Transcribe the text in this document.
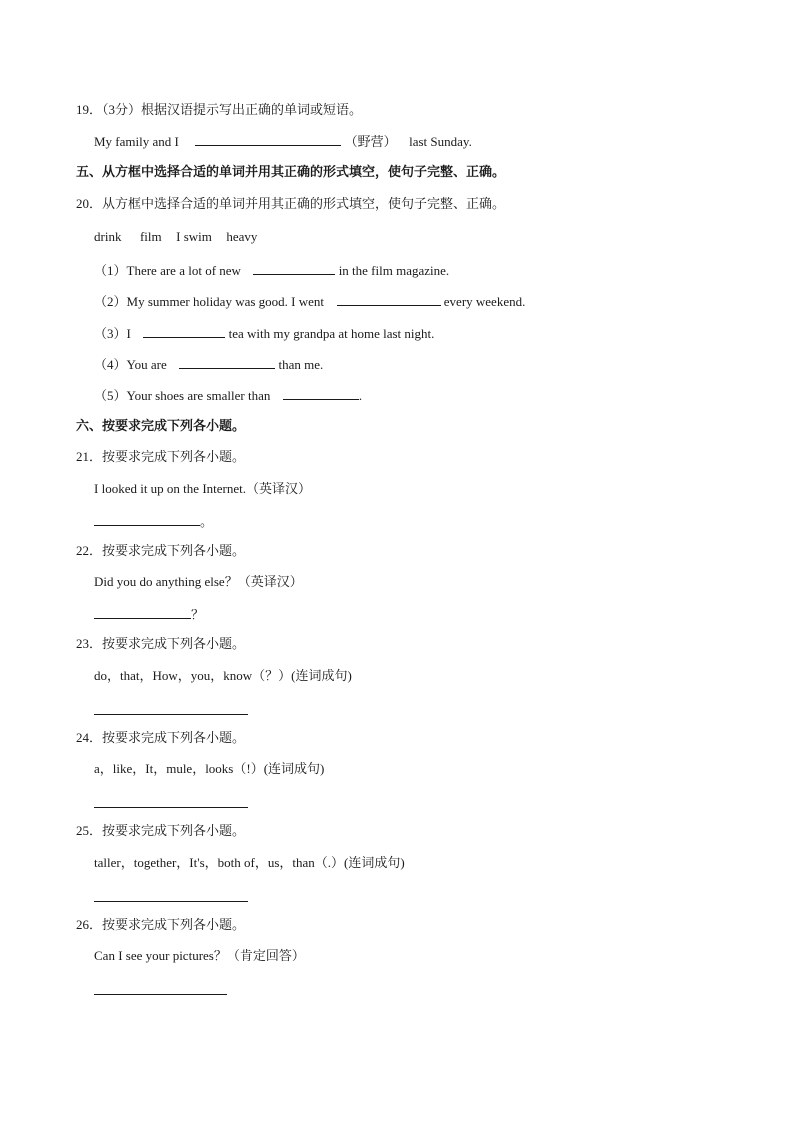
19．（3分）根据汉语提示写出正确的单词或短语。
My family and I	（野营） last Sunday.
五、从方框中选择合适的单词并用其正确的形式填空，使句子完整、正确。
20．从方框中选择合适的单词并用其正确的形式填空，使句子完整、正确。
drink film I swim heavy
（1）There are a lot of new	in the film magazine.
（2）My summer holiday was good. I went	every weekend.
（3）I	tea with my grandpa at home last night.
（4）You are	than me.
（5）Your shoes are smaller than	.
六、按要求完成下列各小题。
21．按要求完成下列各小题。
I looked it up on the Internet.（英译汉）
。
22．按要求完成下列各小题。
Did you do anything else？（英译汉）
？
23．按要求完成下列各小题。
do，that，How，you，know（？）(连词成句)
24．按要求完成下列各小题。
a，like，It，mule，looks（!）(连词成句)
25．按要求完成下列各小题。
taller，together，It's，both of，us，than（.）(连词成句)
26．按要求完成下列各小题。
Can I see your pictures？（肯定回答）
